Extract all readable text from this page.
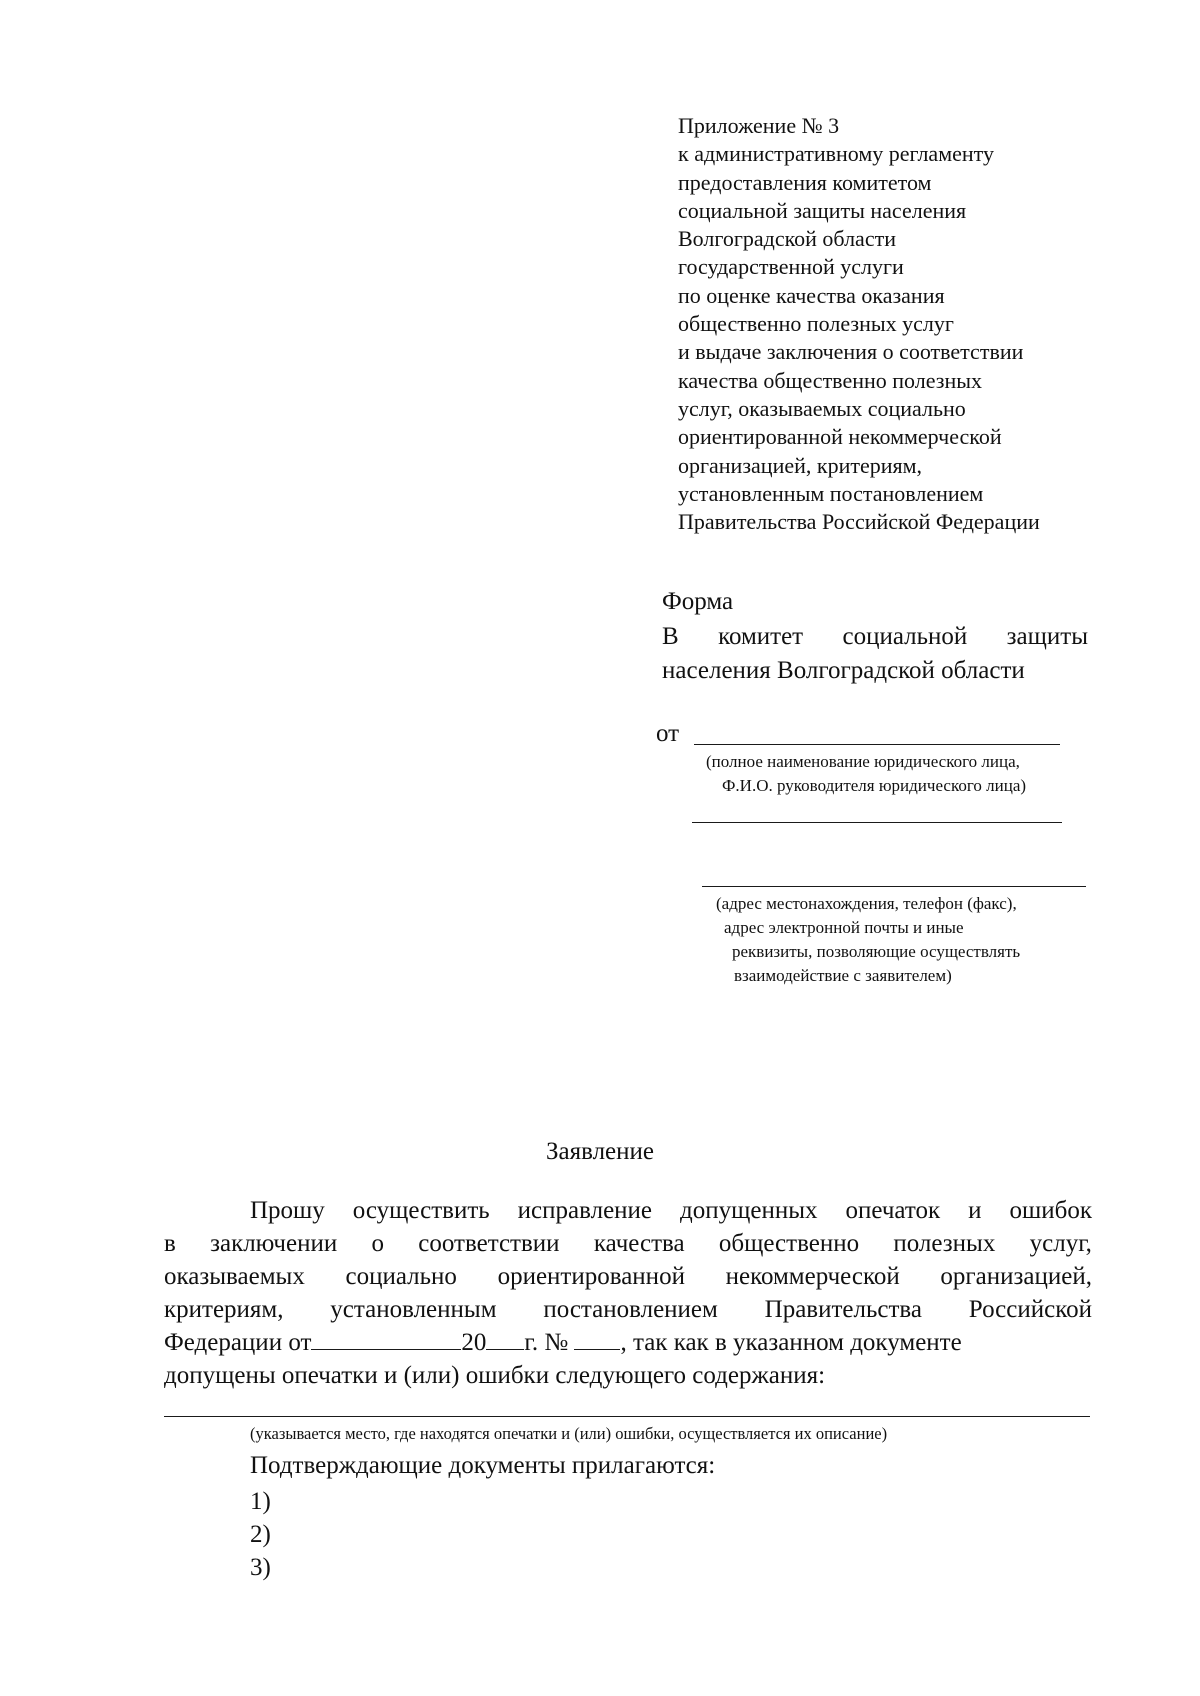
Приложение № 3
к административному регламенту
предоставления комитетом
социальной защиты населения
Волгоградской области
государственной услуги
по оценке качества оказания
общественно полезных услуг
и выдаче заключения о соответствии
качества общественно полезных
услуг, оказываемых социально
ориентированной некоммерческой
организацией, критериям,
установленным постановлением
Правительства Российской Федерации
Форма
В комитет социальной защиты
населения Волгоградской области
от
(полное наименование юридического лица,
Ф.И.О. руководителя юридического лица)
(адрес местонахождения, телефон (факс),
адрес электронной почты и иные
реквизиты, позволяющие осуществлять
взаимодействие с заявителем)
Заявление
Прошу осуществить исправление допущенных опечаток и ошибок
в заключении о соответствии качества общественно полезных услуг,
оказываемых социально ориентированной некоммерческой организацией,
критериям, установленным постановлением Правительства Российской
Федерации от	20 г. № , так как в указанном документе
допущены опечатки и (или) ошибки следующего содержания:
(указывается место, где находятся опечатки и (или) ошибки, осуществляется их описание)
Подтверждающие документы прилагаются:
1)
2)
3)
